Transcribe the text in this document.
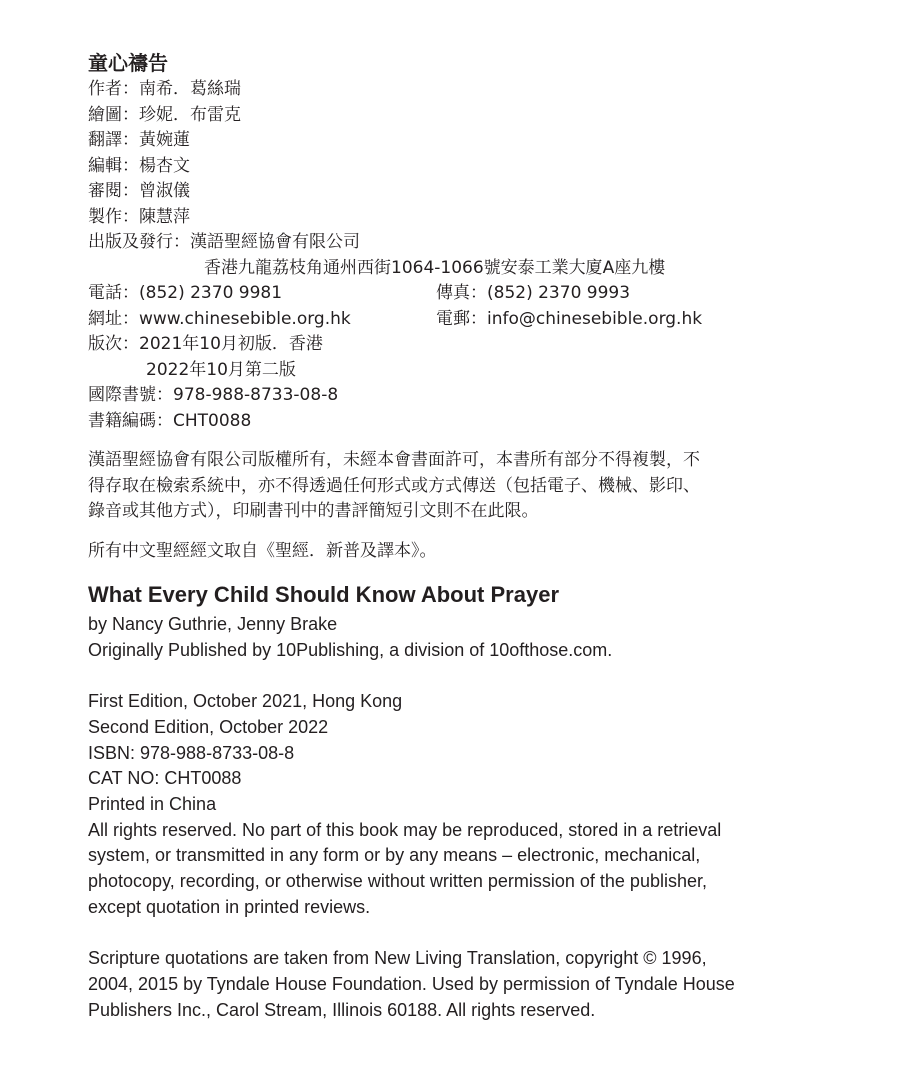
童心禱告
作者：南希．葛絲瑞
繪圖：珍妮．布雷克
翻譯：黃婉蓮
編輯：楊杏文
審閱：曾淑儀
製作：陳慧萍
出版及發行：漢語聖經協會有限公司
香港九龍荔枝角通州西街1064-1066號安泰工業大廈A座九樓
電話：(852) 2370 9981	傳真：(852) 2370 9993
網址：www.chinesebible.org.hk	電郵：info@chinesebible.org.hk
版次：2021年10月初版．香港
2022年10月第二版
國際書號：978-988-8733-08-8
書籍編碼：CHT0088
漢語聖經協會有限公司版權所有，未經本會書面許可，本書所有部分不得複製，不
得存取在檢索系統中，亦不得透過任何形式或方式傳送（包括電子、機械、影印、
錄音或其他方式），印刷書刊中的書評簡短引文則不在此限。
所有中文聖經經文取自《聖經．新普及譯本》。
What Every Child Should Know About Prayer
by Nancy Guthrie, Jenny Brake
Originally Published by 10Publishing, a division of 10ofthose.com.
First Edition, October 2021, Hong Kong
Second Edition, October 2022
ISBN: 978-988-8733-08-8
CAT NO: CHT0088
Printed in China
All rights reserved. No part of this book may be reproduced, stored in a retrieval
system, or transmitted in any form or by any means – electronic, mechanical,
photocopy, recording, or otherwise without written permission of the publisher,
except quotation in printed reviews.
Scripture quotations are taken from New Living Translation, copyright © 1996,
2004, 2015 by Tyndale House Foundation. Used by permission of Tyndale House
Publishers Inc., Carol Stream, Illinois 60188. All rights reserved.
